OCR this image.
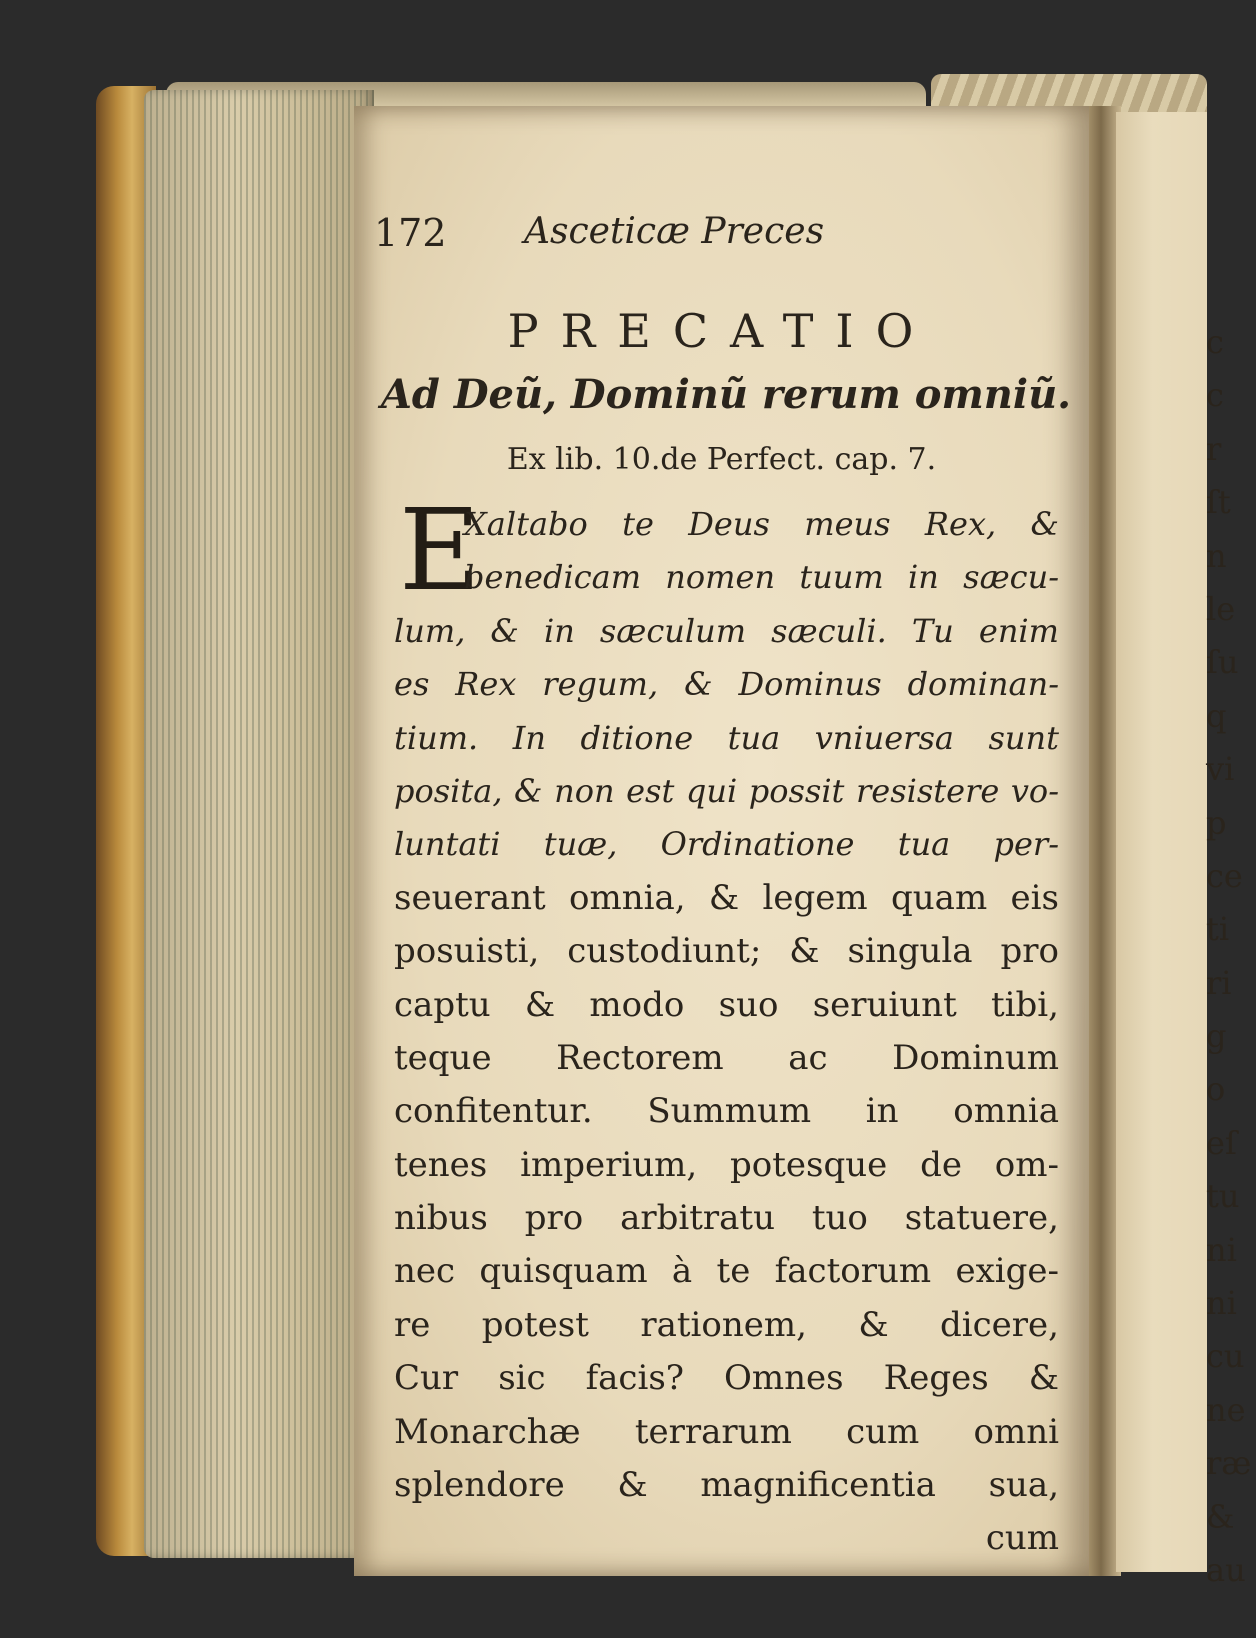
172 Asceticæ Preces
PRECATIO
Ad Deũ, Dominũ rerum omniũ.
Ex lib. 10.de Perfect. cap. 7.
E
Xaltabo te Deus meus Rex, &
benedicam nomen tuum in sæcu-
lum, & in sæculum sæculi. Tu enim
es Rex regum, & Dominus dominan-
tium. In ditione tua vniuersa sunt
posita, & non est qui possit resistere vo-
luntati tuæ, Ordinatione tua per-
seuerant omnia, & legem quam eis
posuisti, custodiunt; & singula pro
captu & modo suo seruiunt tibi,
teque Rectorem ac Dominum
confitentur. Summum in omnia
tenes imperium, potesque de om-
nibus pro arbitratu tuo statuere,
nec quisquam à te factorum exige-
re potest rationem, & dicere,
Cur sic facis? Omnes Reges &
Monarchæ terrarum cum omni
splendore & magnificentia sua,
cum
c
c
r
ſt
n
le
ſu
q
vi
p
ce
ti
ri
g
o
eſ
tu
ni
ni
cu
ne
ræ
&
au
